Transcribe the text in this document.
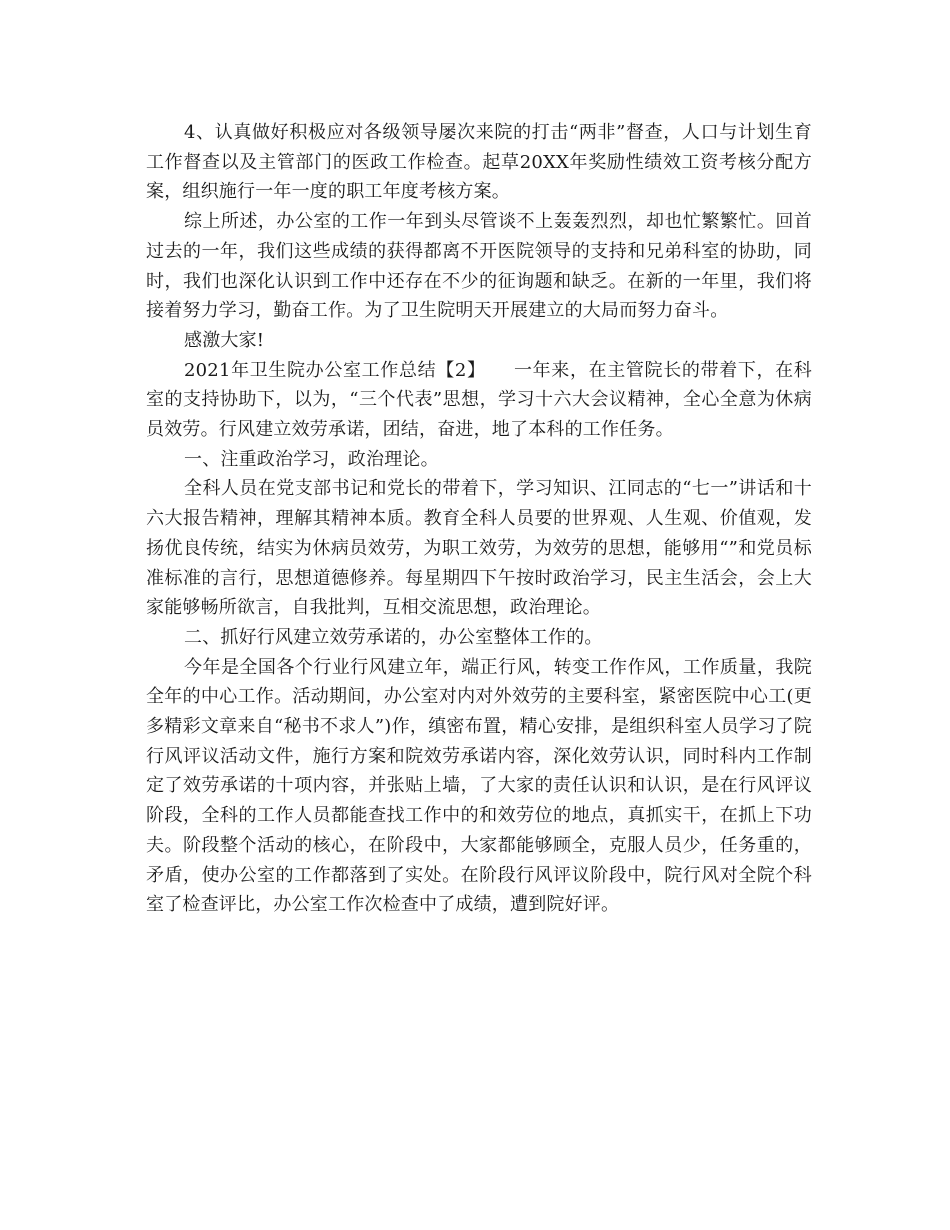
4、认真做好积极应对各级领导屡次来院的打击“两非”督查，人口与计划生育工作督查以及主管部门的医政工作检查。起草20XX年奖励性绩效工资考核分配方案，组织施行一年一度的职工年度考核方案。

综上所述，办公室的工作一年到头尽管谈不上轰轰烈烈，却也忙繁繁忙。回首过去的一年，我们这些成绩的获得都离不开医院领导的支持和兄弟科室的协助，同时，我们也深化认识到工作中还存在不少的征询题和缺乏。在新的一年里，我们将接着努力学习，勤奋工作。为了卫生院明天开展建立的大局而努力奋斗。

感激大家!

2021年卫生院办公室工作总结【2】　　一年来，在主管院长的带着下，在科室的支持协助下，以为，“三个代表”思想，学习十六大会议精神，全心全意为休病员效劳。行风建立效劳承诺，团结，奋进，地了本科的工作任务。

一、注重政治学习，政治理论。

全科人员在党支部书记和党长的带着下，学习知识、江同志的“七一”讲话和十六大报告精神，理解其精神本质。教育全科人员要的世界观、人生观、价值观，发扬优良传统，结实为休病员效劳，为职工效劳，为效劳的思想，能够用“”和党员标准标准的言行，思想道德修养。每星期四下午按时政治学习，民主生活会，会上大家能够畅所欲言，自我批判，互相交流思想，政治理论。

二、抓好行风建立效劳承诺的，办公室整体工作的。

今年是全国各个行业行风建立年，端正行风，转变工作作风，工作质量，我院全年的中心工作。活动期间，办公室对内对外效劳的主要科室，紧密医院中心工(更多精彩文章来自“秘书不求人”)作，缜密布置，精心安排，是组织科室人员学习了院行风评议活动文件，施行方案和院效劳承诺内容，深化效劳认识，同时科内工作制定了效劳承诺的十项内容，并张贴上墙，了大家的责任认识和认识，是在行风评议阶段，全科的工作人员都能查找工作中的和效劳位的地点，真抓实干，在抓上下功夫。阶段整个活动的核心，在阶段中，大家都能够顾全，克服人员少，任务重的，矛盾，使办公室的工作都落到了实处。在阶段行风评议阶段中，院行风对全院个科室了检查评比，办公室工作次检查中了成绩，遭到院好评。
